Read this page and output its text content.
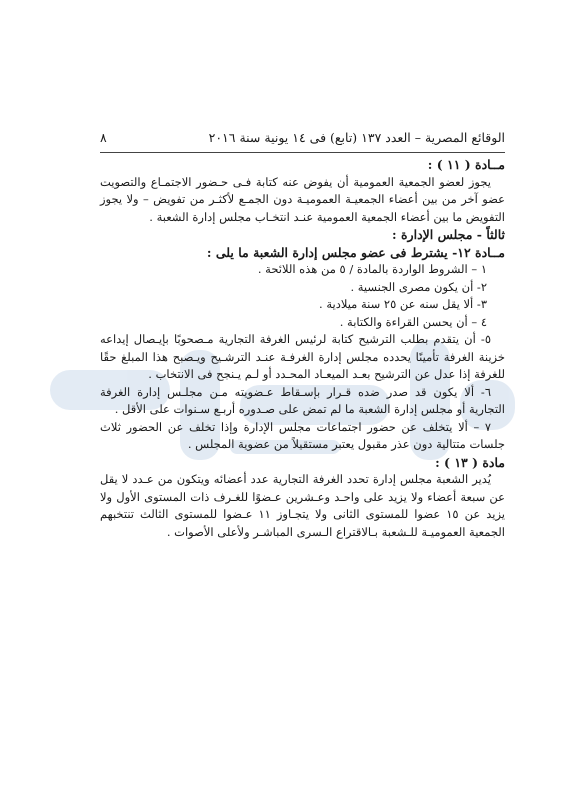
الوقائع المصرية – العدد ١٣٧ (تابع) فى ١٤ يونية سنة ٢٠١٦
٨

مــادة ( ١١ ) :

يجوز لعضو الجمعية العمومية أن يفوض عنه كتابة فـى حـضور الاجتمـاع والتصويت عضو آخر من بين أعضاء الجمعيـة العموميـة دون الجمـع لأكثـر من تفويض – ولا يجوز التفويض ما بين أعضاء الجمعية العمومية عنـد انتخـاب مجلس إدارة الشعبة .

ثالثاً - مجلس الإدارة :

مــادة ١٢- يشترط فى عضو مجلس إدارة الشعبة ما يلى :

١ – الشروط الواردة بالمادة / ٥ من هذه اللائحة .

٢- أن يكون مصرى الجنسية .

٣- ألا يقل سنه عن ٢٥ سنة ميلادية .

٤ – أن يحسن القراءة والكتابة .

٥- أن يتقدم بطلب الترشيح كتابة لرئيس الغرفة التجارية مـصحوبًا بإيـصال إيداعه خزينة الغرفة تأمينًا يحدده مجلس إدارة الغرفـة عنـد الترشـيح ويـصبح هذا المبلغ حقًا للغرفة إذا عدل عن الترشيح بعـد الميعـاد المحـدد أو لـم يـنجح فى الانتخاب .

٦- ألا يكون قد صدر ضده قـرار بإسـقاط عـضويته مـن مجلـس إدارة الغرفة التجارية أو مجلس إدارة الشعبة ما لم تمض على صـدوره أربـع سـنوات على الأقل .

٧ – ألا يتخلف عن حضور اجتماعات مجلس الإدارة وإذا تخلف عن الحضور ثلاث جلسات متتالية دون عذر مقبول يعتبر مستقيلاً من عضوية المجلس .

مادة ( ١٣ ) :

يُدير الشعبة مجلس إدارة تحدد الغرفة التجارية عدد أعضائه ويتكون من عـدد لا يقل عن سبعة أعضاء ولا يزيد على واحـد وعـشرين عـضوًا للغـرف ذات المستوى الأول ولا يزيد عن ١٥ عضوا للمستوى الثانى ولا يتجـاوز ١١ عـضوا للمستوى الثالث تنتخبهم الجمعية العموميـة للـشعبة بـالاقتراع الـسرى المباشـر ولأعلى الأصوات .
